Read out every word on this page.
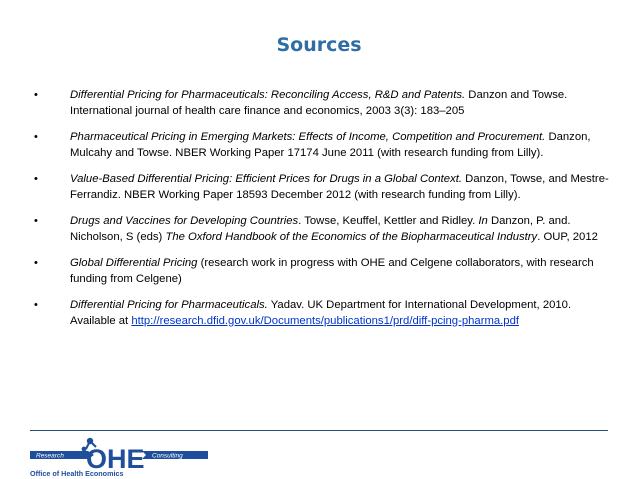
Sources
•	Differential Pricing for Pharmaceuticals: Reconciling Access, R&D and Patents. Danzon and Towse. International journal of health care finance and economics, 2003 3(3): 183–205
•	Pharmaceutical Pricing in Emerging Markets: Effects of Income, Competition and Procurement. Danzon, Mulcahy and Towse. NBER Working Paper 17174 June 2011 (with research funding from Lilly).
•	Value-Based Differential Pricing: Efficient Prices for Drugs in a Global Context. Danzon, Towse, and Mestre-Ferrandiz. NBER Working Paper 18593 December 2012 (with research funding from Lilly).
•	Drugs and Vaccines for Developing Countries. Towse, Keuffel, Kettler and Ridley. In Danzon, P. and. Nicholson, S (eds) The Oxford Handbook of the Economics of the Biopharmaceutical Industry. OUP, 2012
•	Global Differential Pricing (research work in progress with OHE and Celgene collaborators, with research funding from Celgene)
•	Differential Pricing for Pharmaceuticals. Yadav. UK Department for International Development, 2010. Available at http://research.dfid.gov.uk/Documents/publications1/prd/diff-pcing-pharma.pdf
Research OHE Consulting
Office of Health Economics
